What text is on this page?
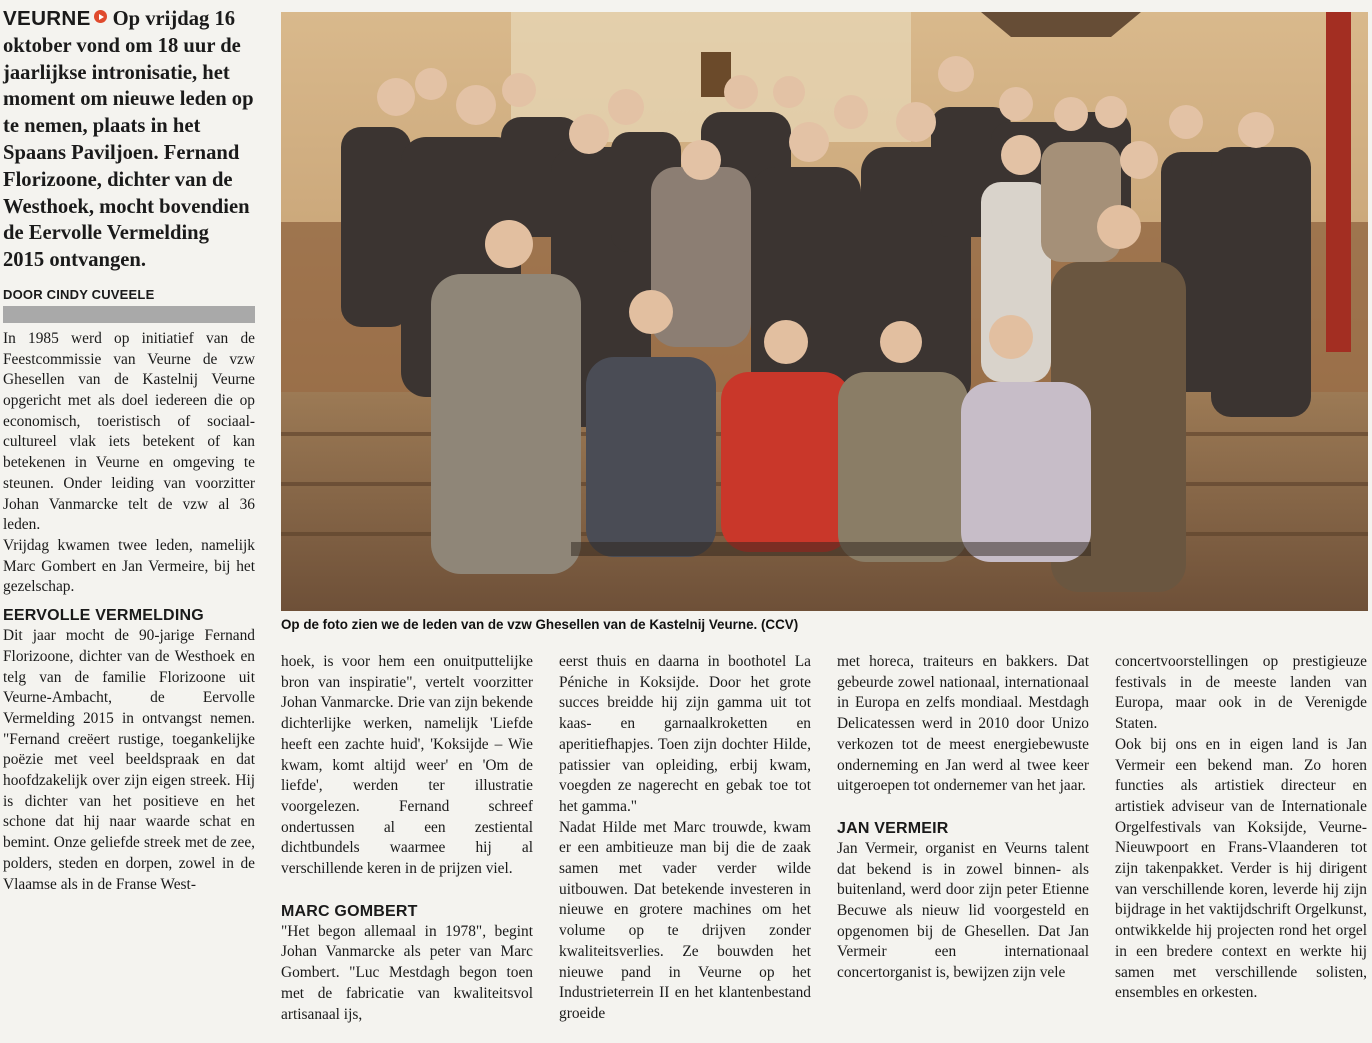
VEURNE Op vrijdag 16 oktober vond om 18 uur de jaarlijkse intronisatie, het moment om nieuwe leden op te nemen, plaats in het Spaans Paviljoen. Fernand Florizoone, dichter van de Westhoek, mocht bovendien de Eervolle Vermelding 2015 ontvangen.

DOOR CINDY CUVEELE

In 1985 werd op initiatief van de Feestcommissie van Veurne de vzw Ghesellen van de Kastelnij Veurne opgericht met als doel iedereen die op economisch, toeristisch of sociaal-cultureel vlak iets betekent of kan betekenen in Veurne en omgeving te steunen. Onder leiding van voorzitter Johan Vanmarcke telt de vzw al 36 leden.

Vrijdag kwamen twee leden, namelijk Marc Gombert en Jan Vermeire, bij het gezelschap.

EERVOLLE VERMELDING

Dit jaar mocht de 90-jarige Fernand Florizoone, dichter van de Westhoek en telg van de familie Florizoone uit Veurne-Ambacht, de Eervolle Vermelding 2015 in ontvangst nemen. "Fernand creëert rustige, toegankelijke poëzie met veel beeldspraak en dat hoofdzakelijk over zijn eigen streek. Hij is dichter van het positieve en het schone dat hij naar waarde schat en bemint. Onze geliefde streek met de zee, polders, steden en dorpen, zowel in de Vlaamse als in de Franse West-

Op de foto zien we de leden van de vzw Ghesellen van de Kastelnij Veurne. (CCV)

hoek, is voor hem een onuitputtelijke bron van inspiratie", vertelt voorzitter Johan Vanmarcke. Drie van zijn bekende dichterlijke werken, namelijk 'Liefde heeft een zachte huid', 'Koksijde – Wie kwam, komt altijd weer' en 'Om de liefde', werden ter illustratie voorgelezen. Fernand schreef ondertussen al een zestiental dichtbundels waarmee hij al verschillende keren in de prijzen viel.

MARC GOMBERT

"Het begon allemaal in 1978", begint Johan Vanmarcke als peter van Marc Gombert. "Luc Mestdagh begon toen met de fabricatie van kwaliteitsvol artisanaal ijs,

eerst thuis en daarna in boothotel La Péniche in Koksijde. Door het grote succes breidde hij zijn gamma uit tot kaas- en garnaalkroketten en aperitiefhapjes. Toen zijn dochter Hilde, patissier van opleiding, erbij kwam, voegden ze nagerecht en gebak toe tot het gamma."

Nadat Hilde met Marc trouwde, kwam er een ambitieuze man bij die de zaak samen met vader verder wilde uitbouwen. Dat betekende investeren in nieuwe en grotere machines om het volume op te drijven zonder kwaliteitsverlies. Ze bouwden het nieuwe pand in Veurne op het Industrieterrein II en het klantenbestand groeide

met horeca, traiteurs en bakkers. Dat gebeurde zowel nationaal, internationaal in Europa en zelfs mondiaal. Mestdagh Delicatessen werd in 2010 door Unizo verkozen tot de meest energiebewuste onderneming en Jan werd al twee keer uitgeroepen tot ondernemer van het jaar.

JAN VERMEIR

Jan Vermeir, organist en Veurns talent dat bekend is in zowel binnen- als buitenland, werd door zijn peter Etienne Becuwe als nieuw lid voorgesteld en opgenomen bij de Ghesellen. Dat Jan Vermeir een internationaal concertorganist is, bewijzen zijn vele

concertvoorstellingen op prestigieuze festivals in de meeste landen van Europa, maar ook in de Verenigde Staten.

Ook bij ons en in eigen land is Jan Vermeir een bekend man. Zo horen functies als artistiek directeur en artistiek adviseur van de Internationale Orgelfestivals van Koksijde, Veurne-Nieuwpoort en Frans-Vlaanderen tot zijn takenpakket. Verder is hij dirigent van verschillende koren, leverde hij zijn bijdrage in het vaktijdschrift Orgelkunst, ontwikkelde hij projecten rond het orgel in een bredere context en werkte hij samen met verschillende solisten, ensembles en orkesten.
